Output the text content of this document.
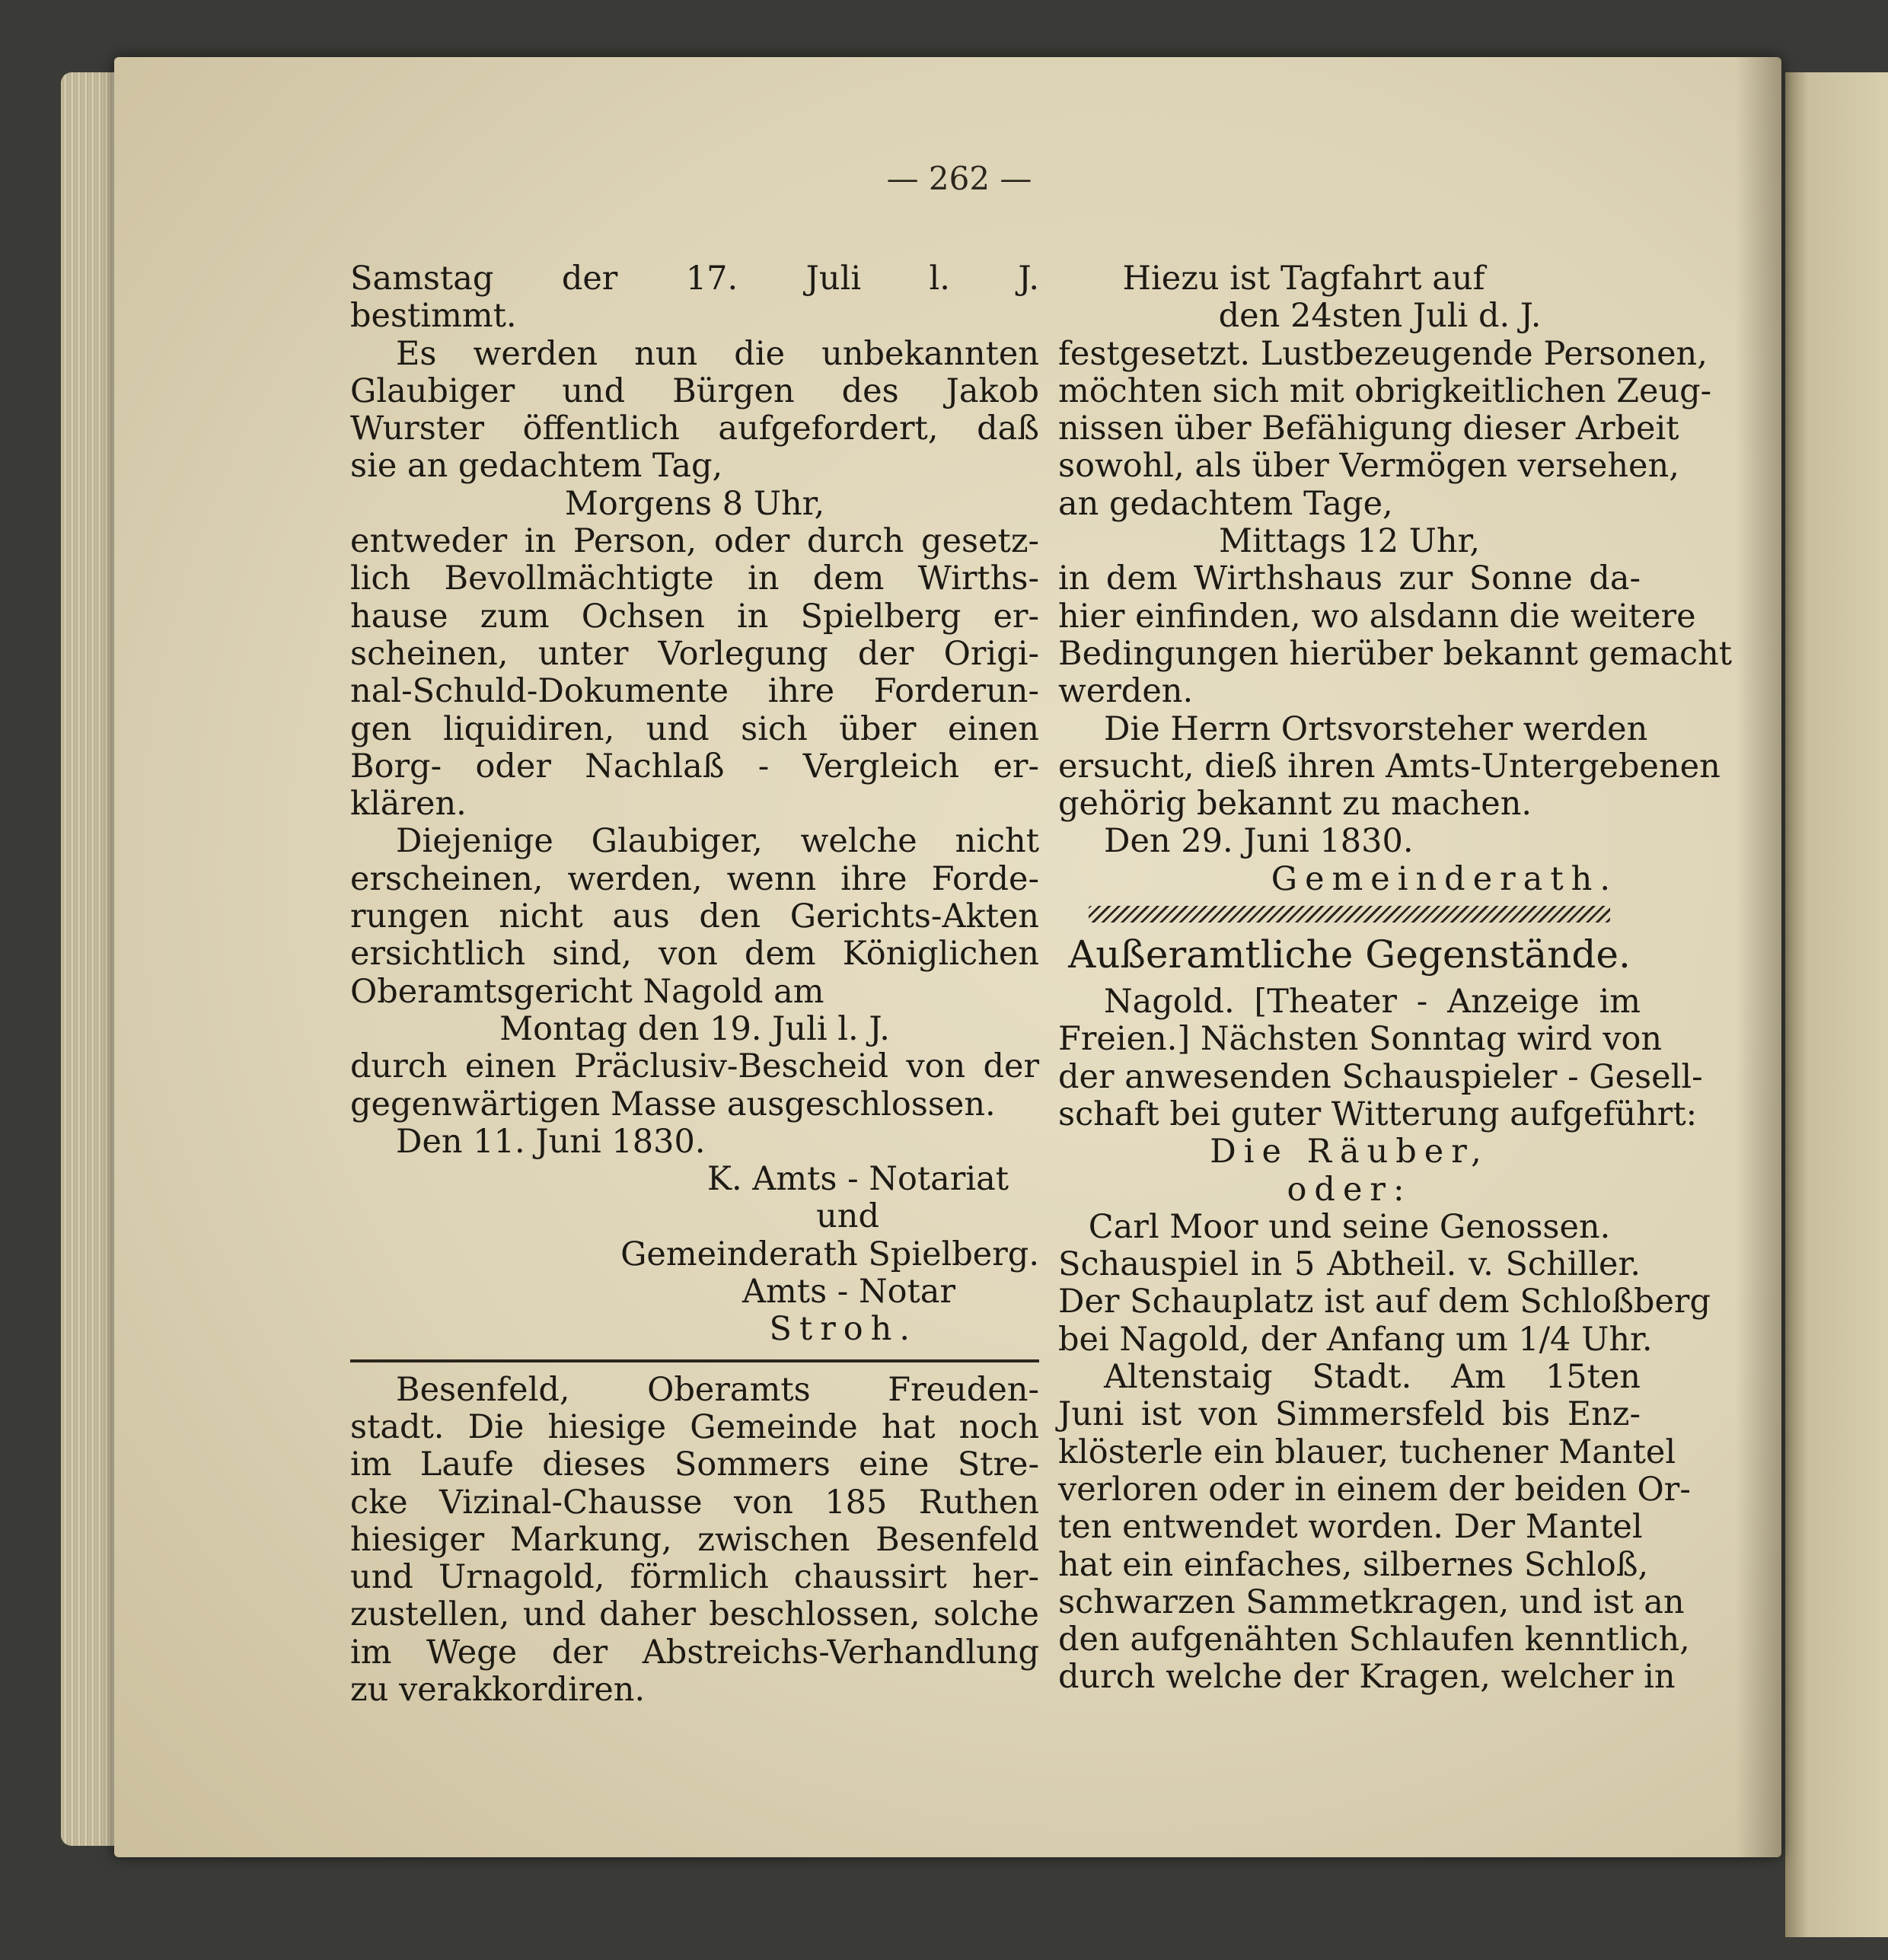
— 262 —

Samstag der 17. Juli l. J.

bestimmt.

Es werden nun die unbekannten

Glaubiger und Bürgen des Jakob

Wurster öffentlich aufgefordert, daß

sie an gedachtem Tag,

Morgens 8 Uhr,

entweder in Person, oder durch gesetz-

lich Bevollmächtigte in dem Wirths-

hause zum Ochsen in Spielberg er-

scheinen, unter Vorlegung der Origi-

nal-Schuld-Dokumente ihre Forderun-

gen liquidiren, und sich über einen

Borg- oder Nachlaß - Vergleich er-

klären.

Diejenige Glaubiger, welche nicht

erscheinen, werden, wenn ihre Forde-

rungen nicht aus den Gerichts-Akten

ersichtlich sind, von dem Königlichen

Oberamtsgericht Nagold am

Montag den 19. Juli l. J.

durch einen Präclusiv-Bescheid von der

gegenwärtigen Masse ausgeschlossen.

Den 11. Juni 1830.

K. Amts - Notariat

und

Gemeinderath Spielberg.

Amts - Notar

Stroh.

Besenfeld, Oberamts Freuden-

stadt. Die hiesige Gemeinde hat noch

im Laufe dieses Sommers eine Stre-

cke Vizinal-Chausse von 185 Ruthen

hiesiger Markung, zwischen Besenfeld

und Urnagold, förmlich chaussirt her-

zustellen, und daher beschlossen, solche

im Wege der Abstreichs-Verhandlung

zu verakkordiren.

Hiezu ist Tagfahrt auf

den 24sten Juli d. J.

festgesetzt. Lustbezeugende Personen,

möchten sich mit obrigkeitlichen Zeug-

nissen über Befähigung dieser Arbeit

sowohl, als über Vermögen versehen,

an gedachtem Tage,

Mittags 12 Uhr,

in dem Wirthshaus zur Sonne da-

hier einfinden, wo alsdann die weitere

Bedingungen hierüber bekannt gemacht

werden.

Die Herrn Ortsvorsteher werden

ersucht, dieß ihren Amts-Untergebenen

gehörig bekannt zu machen.

Den 29. Juni 1830.

Gemeinderath.

Außeramtliche Gegenstände.

Nagold. [Theater - Anzeige im

Freien.] Nächsten Sonntag wird von

der anwesenden Schauspieler - Gesell-

schaft bei guter Witterung aufgeführt:

Die Räuber,

oder:

Carl Moor und seine Genossen.

Schauspiel in 5 Abtheil. v. Schiller.

Der Schauplatz ist auf dem Schloßberg

bei Nagold, der Anfang um 1/4 Uhr.

Altenstaig Stadt. Am 15ten

Juni ist von Simmersfeld bis Enz-

klösterle ein blauer, tuchener Mantel

verloren oder in einem der beiden Or-

ten entwendet worden. Der Mantel

hat ein einfaches, silbernes Schloß,

schwarzen Sammetkragen, und ist an

den aufgenähten Schlaufen kenntlich,

durch welche der Kragen, welcher in
